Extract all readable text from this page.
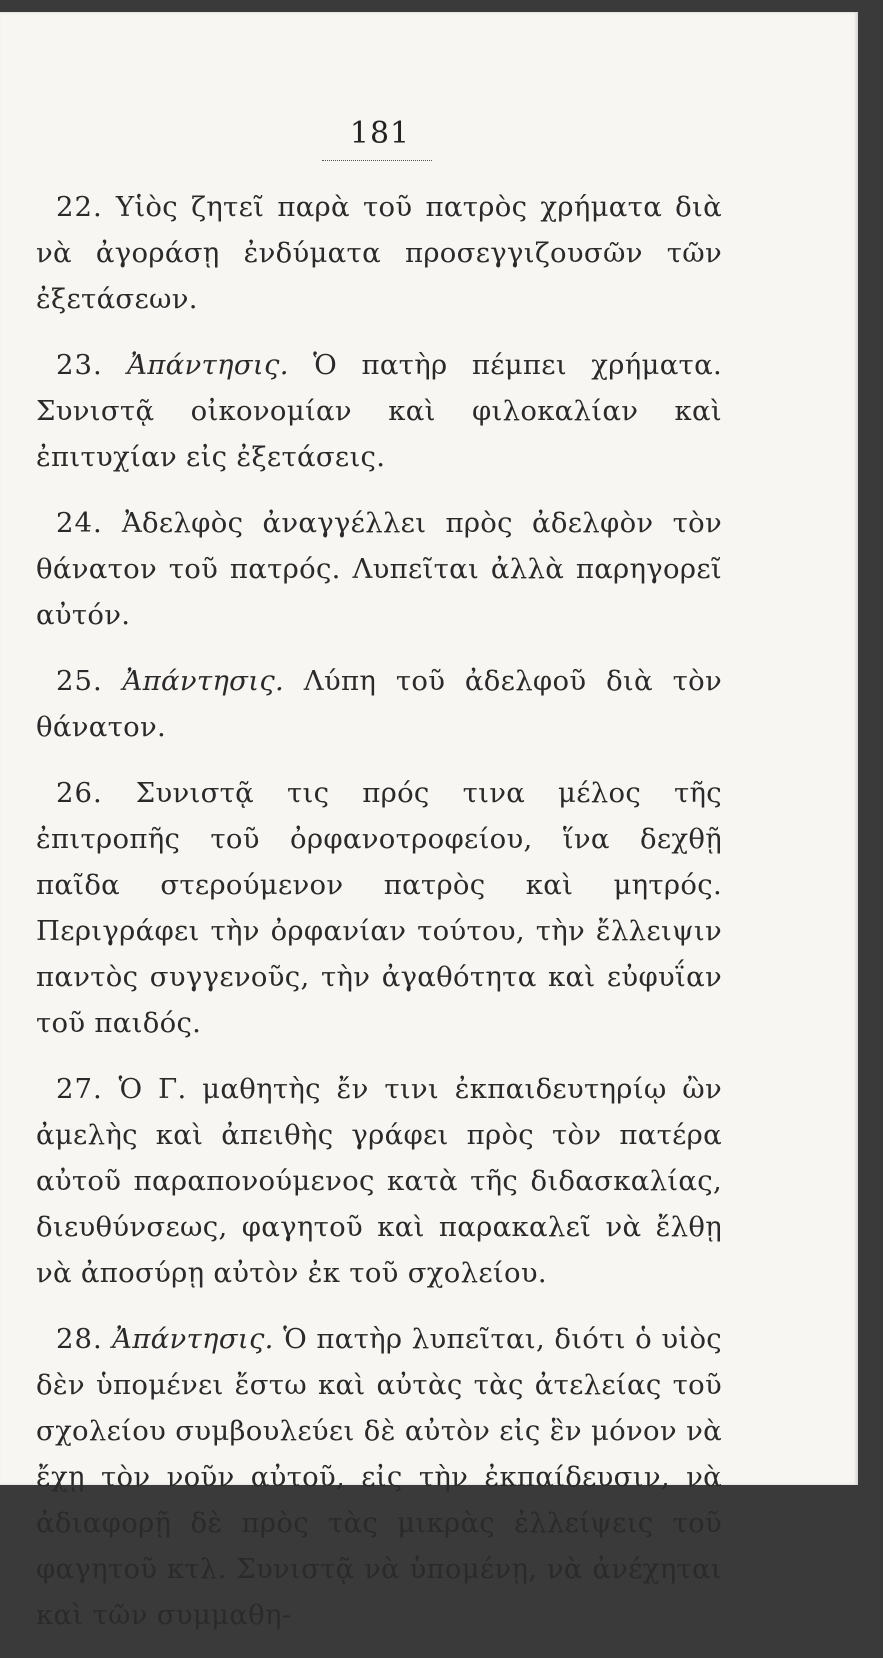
181

22. Υἱὸς ζητεῖ παρὰ τοῦ πατρὸς χρήματα διὰ νὰ ἀγοράσῃ ἐνδύματα προσεγγιζουσῶν τῶν ἐξετάσεων.

23. Ἀπάντησις. Ὁ πατὴρ πέμπει χρήματα. Συνιστᾷ οἰκονομίαν καὶ φιλοκαλίαν καὶ ἐπιτυχίαν εἰς ἐξετάσεις.

24. Ἀδελφὸς ἀναγγέλλει πρὸς ἀδελφὸν τὸν θάνατον τοῦ πατρός. Λυπεῖται ἀλλὰ παρηγορεῖ αὐτόν.

25. Ἀπάντησις. Λύπη τοῦ ἀδελφοῦ διὰ τὸν θάνατον.

26. Συνιστᾷ τις πρός τινα μέλος τῆς ἐπιτροπῆς τοῦ ὀρφανοτροφείου, ἵνα δεχθῇ παῖδα στερούμενον πατρὸς καὶ μητρός. Περιγράφει τὴν ὀρφανίαν τούτου, τὴν ἔλλειψιν παντὸς συγγενοῦς, τὴν ἀγαθότητα καὶ εὐφυΐαν τοῦ παιδός.

27. Ὁ Γ. μαθητὴς ἔν τινι ἐκπαιδευτηρίῳ ὢν ἀμελὴς καὶ ἀπειθὴς γράφει πρὸς τὸν πατέρα αὐτοῦ παραπονούμενος κατὰ τῆς διδασκαλίας, διευθύνσεως, φαγητοῦ καὶ παρακαλεῖ νὰ ἔλθῃ νὰ ἀποσύρῃ αὐτὸν ἐκ τοῦ σχολείου.

28. Ἀπάντησις. Ὁ πατὴρ λυπεῖται, διότι ὁ υἱὸς δὲν ὑπομένει ἔστω καὶ αὐτὰς τὰς ἀτελείας τοῦ σχολείου συμβουλεύει δὲ αὐτὸν εἰς ἓν μόνον νὰ ἔχῃ τὸν νοῦν αὐτοῦ, εἰς τὴν ἐκπαίδευσιν, νὰ ἀδιαφορῇ δὲ πρὸς τὰς μικρὰς ἐλλείψεις τοῦ φαγητοῦ κτλ. Συνιστᾷ νὰ ὑπομένῃ, νὰ ἀνέχηται καὶ τῶν συμμαθη-
